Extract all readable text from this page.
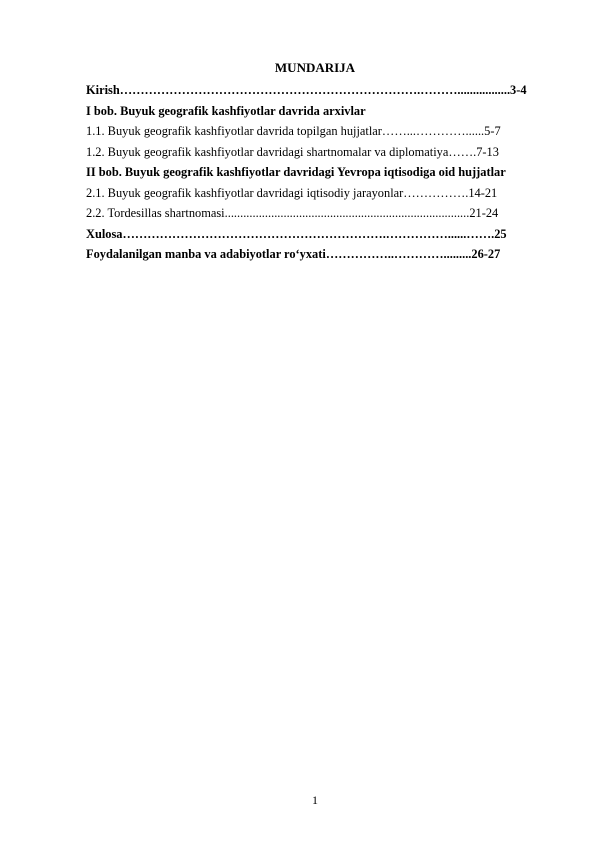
MUNDARIJA
Kirish……………………………………………………………….……….................3-4
I bob. Buyuk geografik kashfiyotlar davrida arxivlar
1.1. Buyuk geografik kashfiyotlar davrida topilgan hujjatlar……...…………......5-7
1.2. Buyuk geografik kashfiyotlar davridagi shartnomalar va diplomatiya…….7-13
II bob. Buyuk geografik kashfiyotlar davridagi Yevropa iqtisodiga oid hujjatlar
2.1. Buyuk geografik kashfiyotlar davridagi iqtisodiy jarayonlar…………….14-21
2.2. Tordesillas shartnomasi...............................................................................21-24
Xulosa……………………………………………………….……………......…….25
Foydalanilgan manba va adabiyotlar ro‘yxati……………..………….........26-27
1
